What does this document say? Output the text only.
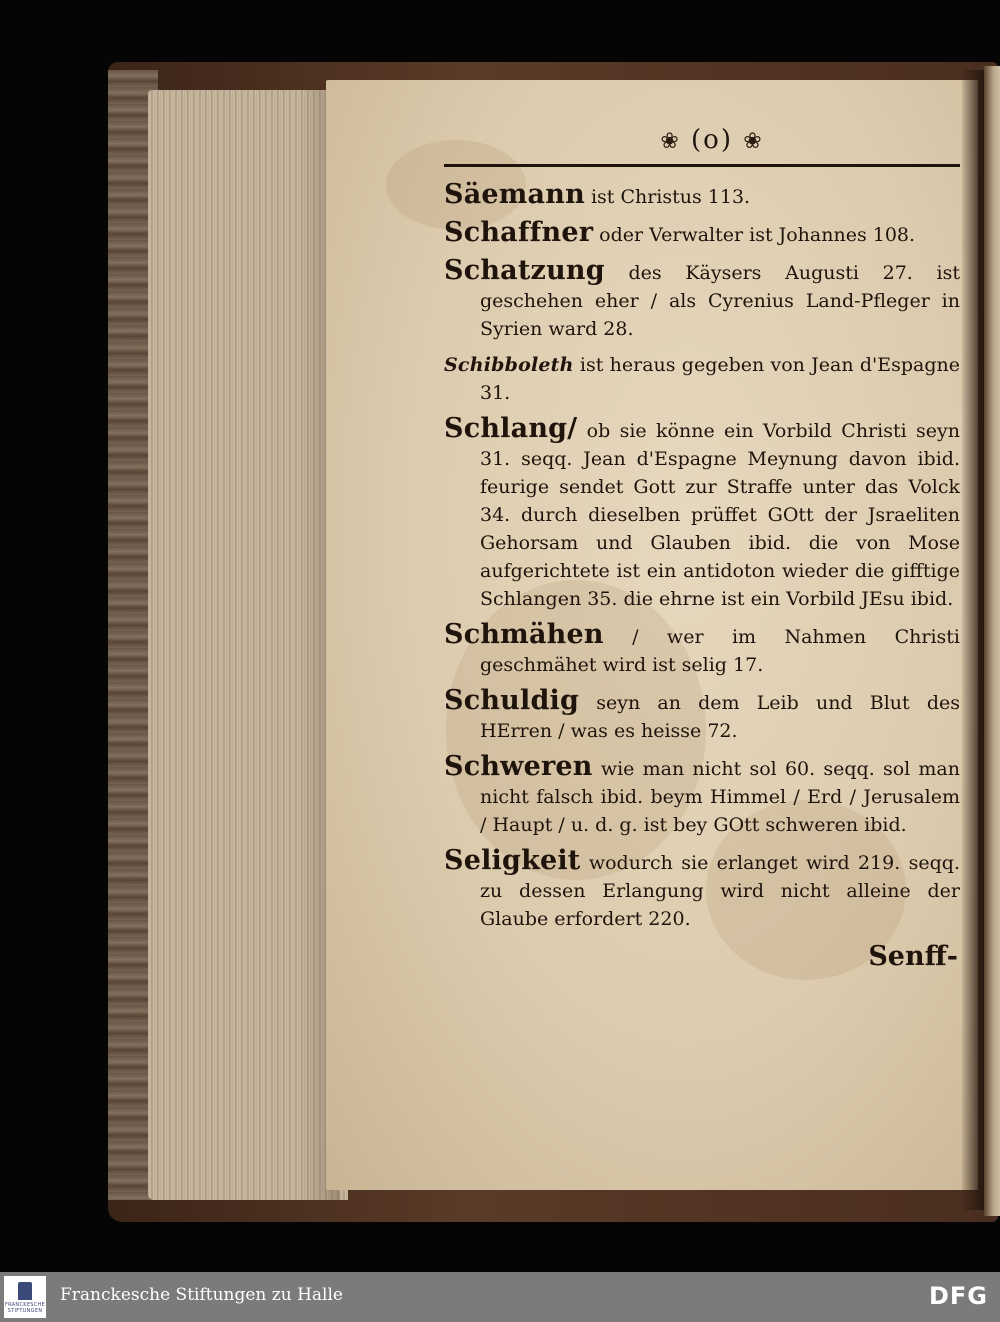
❀ (o) ❀

Säemann ist Christus 113.

Schaffner oder Verwalter ist Johannes 108.

Schatzung des Käysers Augusti 27. ist geschehen eher / als Cyrenius Land-Pfleger in Syrien ward 28.

Schibboleth ist heraus gegeben von Jean d'Espagne 31.

Schlang/ ob sie könne ein Vorbild Christi seyn 31. seqq. Jean d'Espagne Meynung davon ibid. feurige sendet Gott zur Straffe unter das Volck 34. durch dieselben prüffet GOtt der Jsraeliten Gehorsam und Glauben ibid. die von Mose aufgerichtete ist ein antidoton wieder die gifftige Schlangen 35. die ehrne ist ein Vorbild JEsu ibid.

Schmähen / wer im Nahmen Christi geschmähet wird ist selig 17.

Schuldig seyn an dem Leib und Blut des HErren / was es heisse 72.

Schweren wie man nicht sol 60. seqq. sol man nicht falsch ibid. beym Himmel / Erd / Jerusalem / Haupt / u. d. g. ist bey GOtt schweren ibid.

Seligkeit wodurch sie erlanget wird 219. seqq. zu dessen Erlangung wird nicht alleine der Glaube erfordert 220.

Senff-
FRANCKESCHE STIFTUNGEN
Franckesche Stiftungen zu Halle	DFG
